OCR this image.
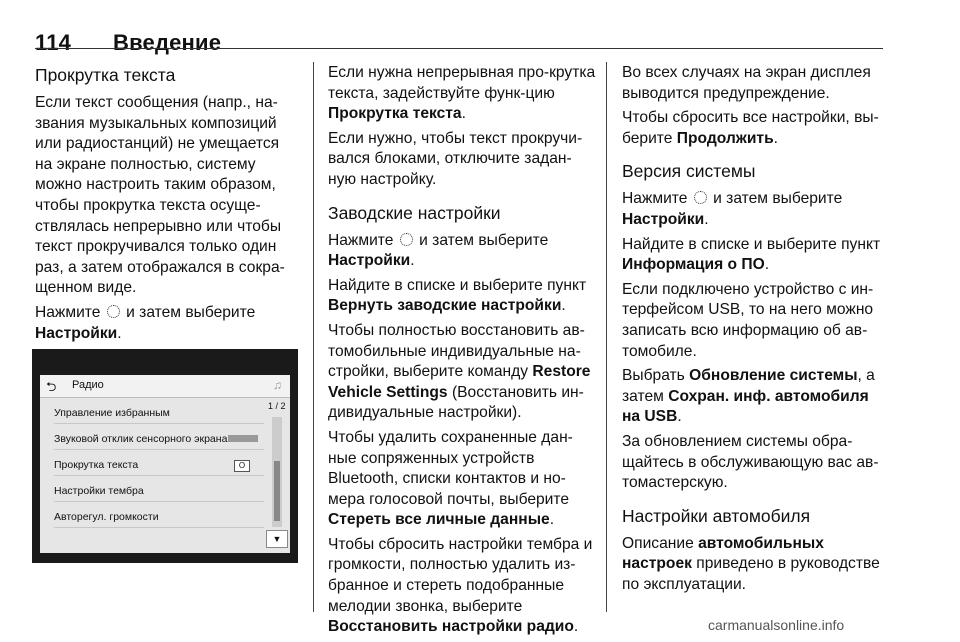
114 Введение
Прокрутка текста

Если текст сообщения (напр., на-звания музыкальных композиций или радиостанций) не умещается на экране полностью, систему можно настроить таким образом, чтобы прокрутка текста осуще-ствлялась непрерывно или чтобы текст прокручивался только один раз, а затем отображался в сокра-щенном виде.

Нажмите и затем выберите Настройки.

⮌ Радио	♫
Управление избранным
Звуковой отклик сенсорного экрана
Прокрутка текста	O
Настройки тембра
Авторегул. громкости
1 / 2
▼

Если нужна непрерывная про-крутка текста, задействуйте функ-цию Прокрутка текста.

Если нужно, чтобы текст прокручи-вался блоками, отключите задан-ную настройку.

Заводские настройки

Нажмите и затем выберите Настройки.

Найдите в списке и выберите пункт Вернуть заводские настройки.

Чтобы полностью восстановить ав-томобильные индивидуальные на-стройки, выберите команду Restore Vehicle Settings (Восстановить ин-дивидуальные настройки).

Чтобы удалить сохраненные дан-ные сопряженных устройств Bluetooth, списки контактов и но-мера голосовой почты, выберите Стереть все личные данные.

Чтобы сбросить настройки тембра и громкости, полностью удалить из-бранное и стереть подобранные мелодии звонка, выберите Восстановить настройки радио.

Во всех случаях на экран дисплея выводится предупреждение.

Чтобы сбросить все настройки, вы-берите Продолжить.

Версия системы

Нажмите и затем выберите Настройки.

Найдите в списке и выберите пункт Информация о ПО.

Если подключено устройство с ин-терфейсом USB, то на него можно записать всю информацию об ав-томобиле.

Выбрать Обновление системы, а затем Сохран. инф. автомобиля на USB.

За обновлением системы обра-щайтесь в обслуживающую вас ав-томастерскую.

Настройки автомобиля

Описание автомобильных настроек приведено в руководстве по эксплуатации.

carmanualsonline.info
